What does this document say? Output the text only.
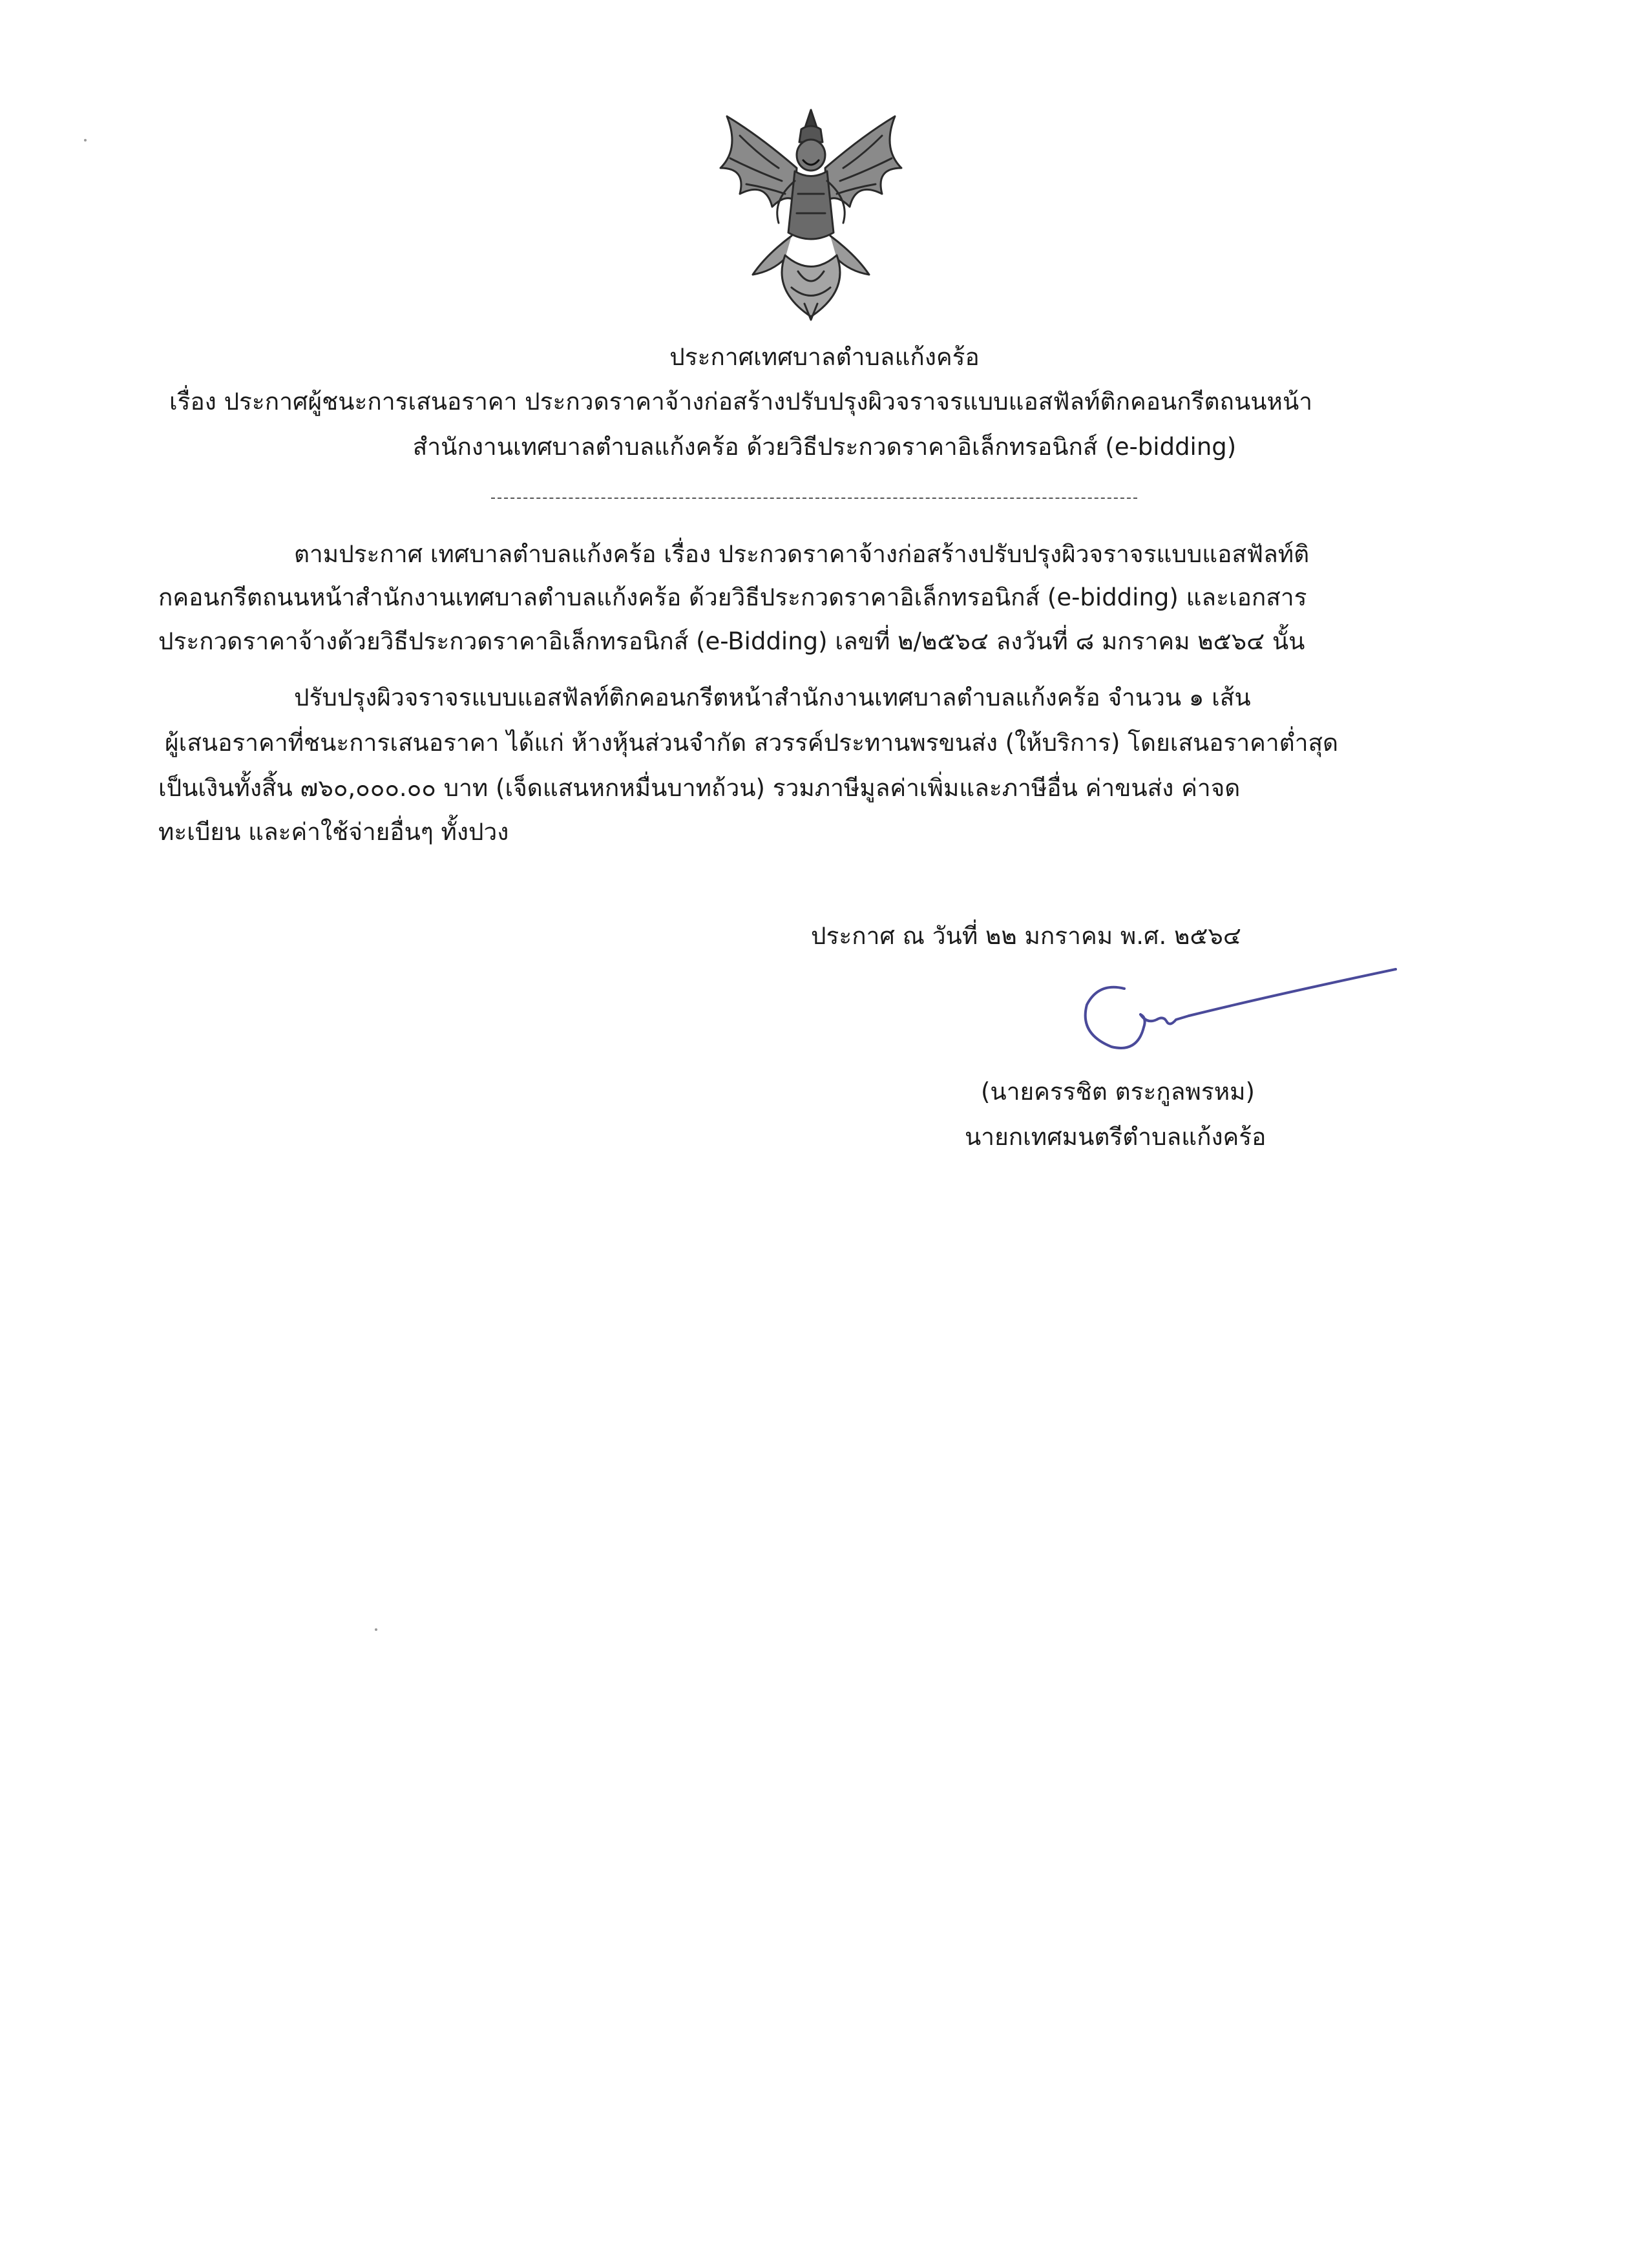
ประกาศเทศบาลตำบลแก้งคร้อ
เรื่อง ประกาศผู้ชนะการเสนอราคา ประกวดราคาจ้างก่อสร้างปรับปรุงผิวจราจรแบบแอสฟัลท์ติกคอนกรีตถนนหน้า
สำนักงานเทศบาลตำบลแก้งคร้อ ด้วยวิธีประกวดราคาอิเล็กทรอนิกส์ (e-bidding)
ตามประกาศ เทศบาลตำบลแก้งคร้อ เรื่อง ประกวดราคาจ้างก่อสร้างปรับปรุงผิวจราจรแบบแอสฟัลท์ติ
กคอนกรีตถนนหน้าสำนักงานเทศบาลตำบลแก้งคร้อ ด้วยวิธีประกวดราคาอิเล็กทรอนิกส์ (e-bidding) และเอกสาร
ประกวดราคาจ้างด้วยวิธีประกวดราคาอิเล็กทรอนิกส์ (e-Bidding) เลขที่ ๒/๒๕๖๔ ลงวันที่ ๘ มกราคม ๒๕๖๔ นั้น
ปรับปรุงผิวจราจรแบบแอสฟัลท์ติกคอนกรีตหน้าสำนักงานเทศบาลตำบลแก้งคร้อ จำนวน ๑ เส้น
ผู้เสนอราคาที่ชนะการเสนอราคา ได้แก่ ห้างหุ้นส่วนจำกัด สวรรค์ประทานพรขนส่ง (ให้บริการ) โดยเสนอราคาต่ำสุด
เป็นเงินทั้งสิ้น ๗๖๐,๐๐๐.๐๐ บาท (เจ็ดแสนหกหมื่นบาทถ้วน) รวมภาษีมูลค่าเพิ่มและภาษีอื่น ค่าขนส่ง ค่าจด
ทะเบียน และค่าใช้จ่ายอื่นๆ ทั้งปวง
ประกาศ ณ วันที่ ๒๒ มกราคม พ.ศ. ๒๕๖๔
(นายครรชิต ตระกูลพรหม)
นายกเทศมนตรีตำบลแก้งคร้อ
